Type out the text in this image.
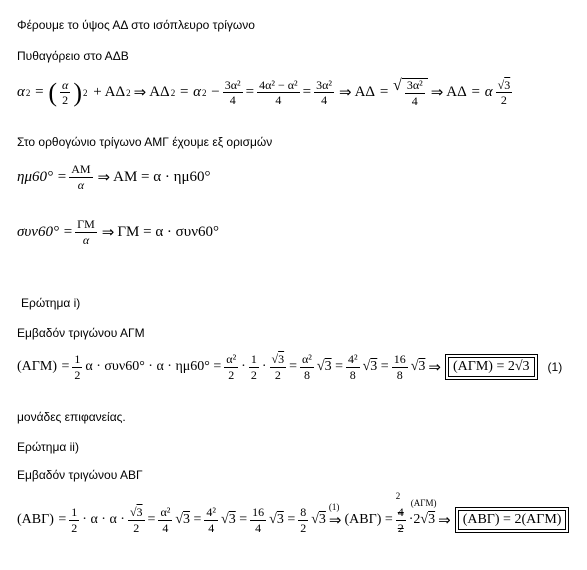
Φέρουμε το ύψος ΑΔ στο ισόπλευρο τρίγωνο
Πυθαγόρειο στο ΑΔΒ
α 2 = ( $\frac{\alpha}{2}$ ) 2
+ ΑΔ 2 ⇒ ΑΔ 2 = α $2 - \frac{\text{3α²}}{4} = \frac{\text{4α² − α²}}{4} = \frac{\text{3α²}}{4}$ ⇒ ΑΔ = √ $\frac{\text{3α²}}{4}$ ⇒ ΑΔ = α $\frac{√3}{2}$
Στο ορθογώνιο τρίγωνο ΑΜΓ έχουμε εξ ορισμών
$\eta\mu 60^\circ = \frac{AM}{\alpha}$ ⇒ ΑΜ = α · ημ60°
$\sigma\upsilon\nu 60^\circ = \frac{\Gamma M}{\alpha}$ ⇒ ΓΜ = α · συν60°
Ερώτημα i)
Εμβαδόν τριγώνου ΑΓΜ
$(A\Gamma M) = \frac{1}{2}$ $\alpha \cdot \sigma\upsilon\nu 60^\circ \cdot \alpha \cdot \eta\mu 60^\circ = \frac{\text{α²}}{2} \cdot \frac{1}{2} \cdot \frac{√3}{2} = \frac{\text{α²}}{8} √3 = \frac{\text{4²}}{8} √3 = \frac{16}{8} √3$ ⇒ (ΑΓΜ) = 2√3	(1)
μονάδες επιφανείας.
Ερώτημα ii)
Εμβαδόν τριγώνου ΑΒΓ
$(AB\Gamma) = \frac{1}{2} \cdot \alpha \cdot \alpha \cdot \frac{√3}{2} = \frac{\text{α²}}{4} √3 = \frac{\text{4²}}{4} √3 = \frac{16}{4} √3 = \frac{8}{2} √3$ ⇒
(1)
(ΑΒΓ) =
4
2
2
·2√3
(ΑΓΜ)
⇒ (ΑΒΓ) = 2(ΑΓΜ)
